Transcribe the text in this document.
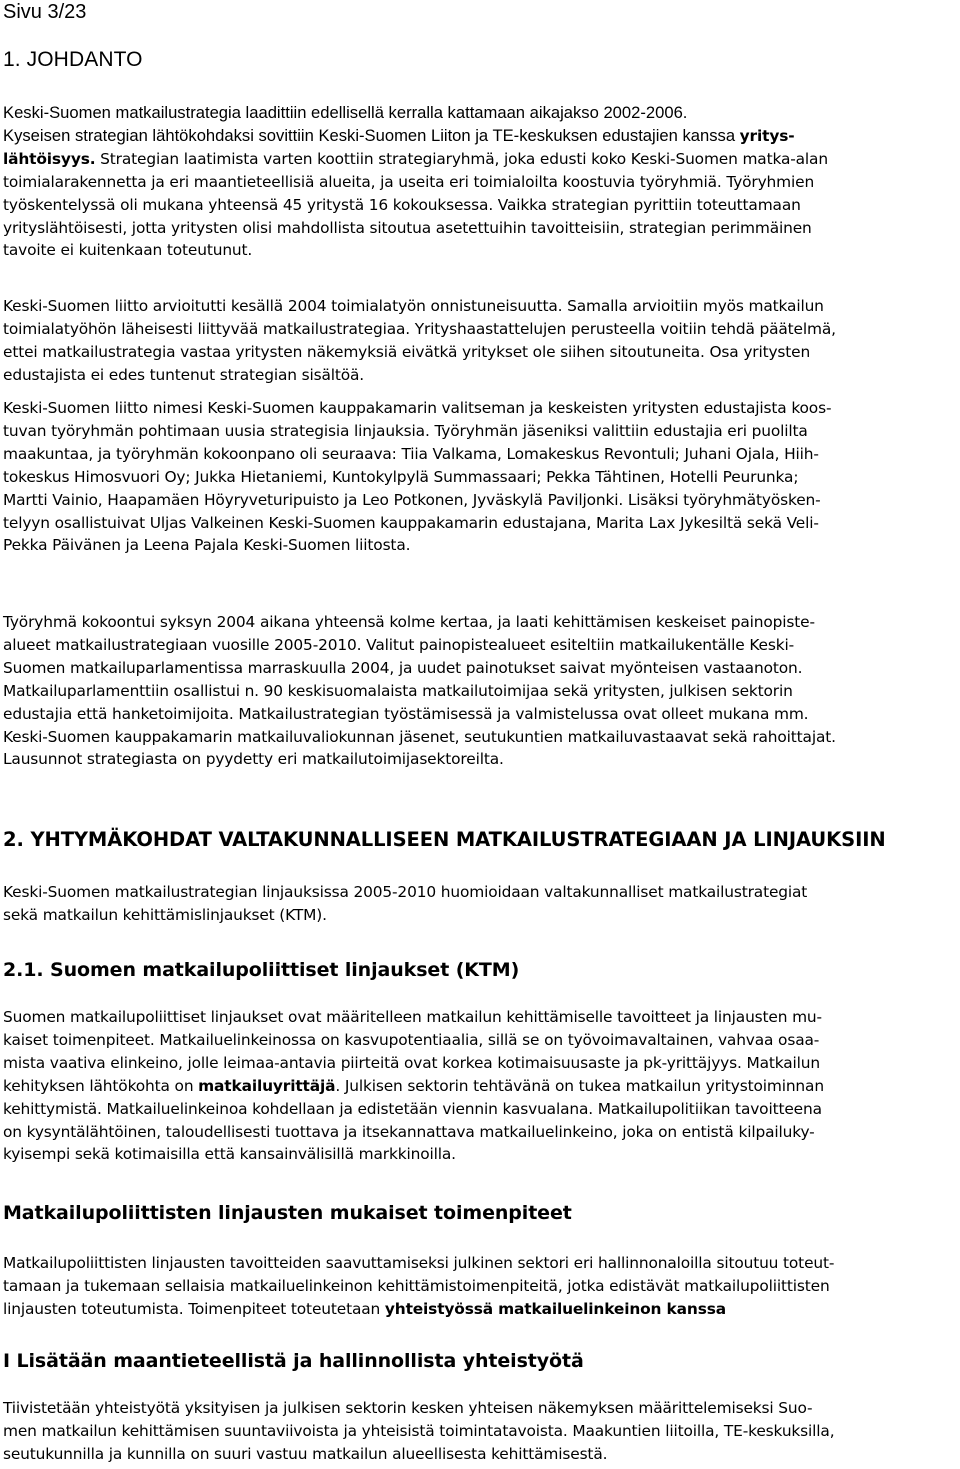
Sivu 3/23
1. JOHDANTO

Keski-Suomen matkailustrategia laadittiin edellisellä kerralla kattamaan aikajakso 2002-2006.
Kyseisen strategian lähtökohdaksi sovittiin Keski-Suomen Liiton ja TE-keskuksen edustajien kanssa yritys-
lähtöisyys. Strategian laatimista varten koottiin strategiaryhmä, joka edusti koko Keski-Suomen matka-alan
toimialarakennetta ja eri maantieteellisiä alueita, ja useita eri toimialoilta koostuvia työryhmiä. Työryhmien
työskentelyssä oli mukana yhteensä 45 yritystä 16 kokouksessa. Vaikka strategian pyrittiin toteuttamaan
yrityslähtöisesti, jotta yritysten olisi mahdollista sitoutua asetettuihin tavoitteisiin, strategian perimmäinen
tavoite ei kuitenkaan toteutunut.

Keski-Suomen liitto arvioitutti kesällä 2004 toimialatyön onnistuneisuutta. Samalla arvioitiin myös matkailun
toimialatyöhön läheisesti liittyvää matkailustrategiaa. Yrityshaastattelujen perusteella voitiin tehdä päätelmä,
ettei matkailustrategia vastaa yritysten näkemyksiä eivätkä yritykset ole siihen sitoutuneita. Osa yritysten
edustajista ei edes tuntenut strategian sisältöä.

Keski-Suomen liitto nimesi Keski-Suomen kauppakamarin valitseman ja keskeisten yritysten edustajista koos-
tuvan työryhmän pohtimaan uusia strategisia linjauksia. Työryhmän jäseniksi valittiin edustajia eri puolilta
maakuntaa, ja työryhmän kokoonpano oli seuraava: Tiia Valkama, Lomakeskus Revontuli; Juhani Ojala, Hiih-
tokeskus Himosvuori Oy; Jukka Hietaniemi, Kuntokylpylä Summassaari; Pekka Tähtinen, Hotelli Peurunka;
Martti Vainio, Haapamäen Höyryveturipuisto ja Leo Potkonen, Jyväskylä Paviljonki. Lisäksi työryhmätyösken-
telyyn osallistuivat Uljas Valkeinen Keski-Suomen kauppakamarin edustajana, Marita Lax Jykesiltä sekä Veli-
Pekka Päivänen ja Leena Pajala Keski-Suomen liitosta.

Työryhmä kokoontui syksyn 2004 aikana yhteensä kolme kertaa, ja laati kehittämisen keskeiset painopiste-
alueet matkailustrategiaan vuosille 2005-2010. Valitut painopistealueet esiteltiin matkailukentälle Keski-
Suomen matkailuparlamentissa marraskuulla 2004, ja uudet painotukset saivat myönteisen vastaanoton.
Matkailuparlamenttiin osallistui n. 90 keskisuomalaista matkailutoimijaa sekä yritysten, julkisen sektorin
edustajia että hanketoimijoita. Matkailustrategian työstämisessä ja valmistelussa ovat olleet mukana mm.
Keski-Suomen kauppakamarin matkailuvaliokunnan jäsenet, seutukuntien matkailuvastaavat sekä rahoittajat.
Lausunnot strategiasta on pyydetty eri matkailutoimijasektoreilta.

2. YHTYMÄKOHDAT VALTAKUNNALLISEEN MATKAILUSTRATEGIAAN JA LINJAUKSIIN

Keski-Suomen matkailustrategian linjauksissa 2005-2010 huomioidaan valtakunnalliset matkailustrategiat
sekä matkailun kehittämislinjaukset (KTM).

2.1. Suomen matkailupoliittiset linjaukset (KTM)

Suomen matkailupoliittiset linjaukset ovat määritelleen matkailun kehittämiselle tavoitteet ja linjausten mu-
kaiset toimenpiteet. Matkailuelinkeinossa on kasvupotentiaalia, sillä se on työvoimavaltainen, vahvaa osaa-
mista vaativa elinkeino, jolle leimaa-antavia piirteitä ovat korkea kotimaisuusaste ja pk-yrittäjyys. Matkailun
kehityksen lähtökohta on matkailuyrittäjä. Julkisen sektorin tehtävänä on tukea matkailun yritystoiminnan
kehittymistä. Matkailuelinkeinoa kohdellaan ja edistetään viennin kasvualana. Matkailupolitiikan tavoitteena
on kysyntälähtöinen, taloudellisesti tuottava ja itsekannattava matkailuelinkeino, joka on entistä kilpailuky-
kyisempi sekä kotimaisilla että kansainvälisillä markkinoilla.

Matkailupoliittisten linjausten mukaiset toimenpiteet

Matkailupoliittisten linjausten tavoitteiden saavuttamiseksi julkinen sektori eri hallinnonaloilla sitoutuu toteut-
tamaan ja tukemaan sellaisia matkailuelinkeinon kehittämistoimenpiteitä, jotka edistävät matkailupoliittisten
linjausten toteutumista. Toimenpiteet toteutetaan yhteistyössä matkailuelinkeinon kanssa

I Lisätään maantieteellistä ja hallinnollista yhteistyötä

Tiivistetään yhteistyötä yksityisen ja julkisen sektorin kesken yhteisen näkemyksen määrittelemiseksi Suo-
men matkailun kehittämisen suuntaviivoista ja yhteisistä toimintatavoista. Maakuntien liitoilla, TE-keskuksilla,
seutukunnilla ja kunnilla on suuri vastuu matkailun alueellisesta kehittämisestä.
